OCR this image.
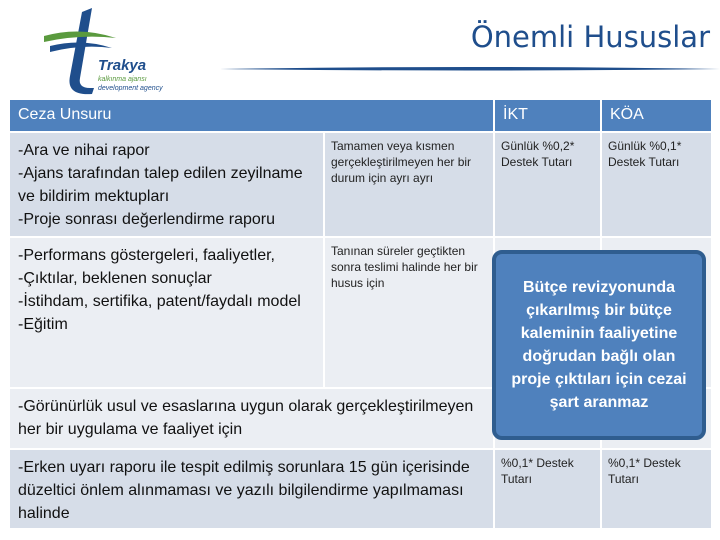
Trakya
kalkınma ajansı
development agency
Önemli Hususlar
Ceza Unsuru	İKT	KÖA
-Ara ve nihai rapor
-Ajans tarafından talep edilen zeyilname ve bildirim mektupları
-Proje sonrası değerlendirme raporu
Tamamen veya kısmen gerçekleştirilmeyen her bir durum için ayrı ayrı
Günlük %0,2* Destek Tutarı
Günlük %0,1* Destek Tutarı
-Performans göstergeleri, faaliyetler,
-Çıktılar, beklenen sonuçlar
-İstihdam, sertifika, patent/faydalı model
-Eğitim
Tanınan süreler geçtikten sonra teslimi halinde her bir husus için
-Görünürlük usul ve esaslarına uygun olarak gerçekleştirilmeyen her bir uygulama ve faaliyet için
-Erken uyarı raporu ile tespit edilmiş sorunlara 15 gün içerisinde düzeltici önlem alınmaması ve yazılı bilgilendirme yapılmaması halinde
%0,1* Destek Tutarı
%0,1* Destek Tutarı
Bütçe revizyonunda çıkarılmış bir bütçe kaleminin faaliyetine doğrudan bağlı olan proje çıktıları için cezai şart aranmaz
